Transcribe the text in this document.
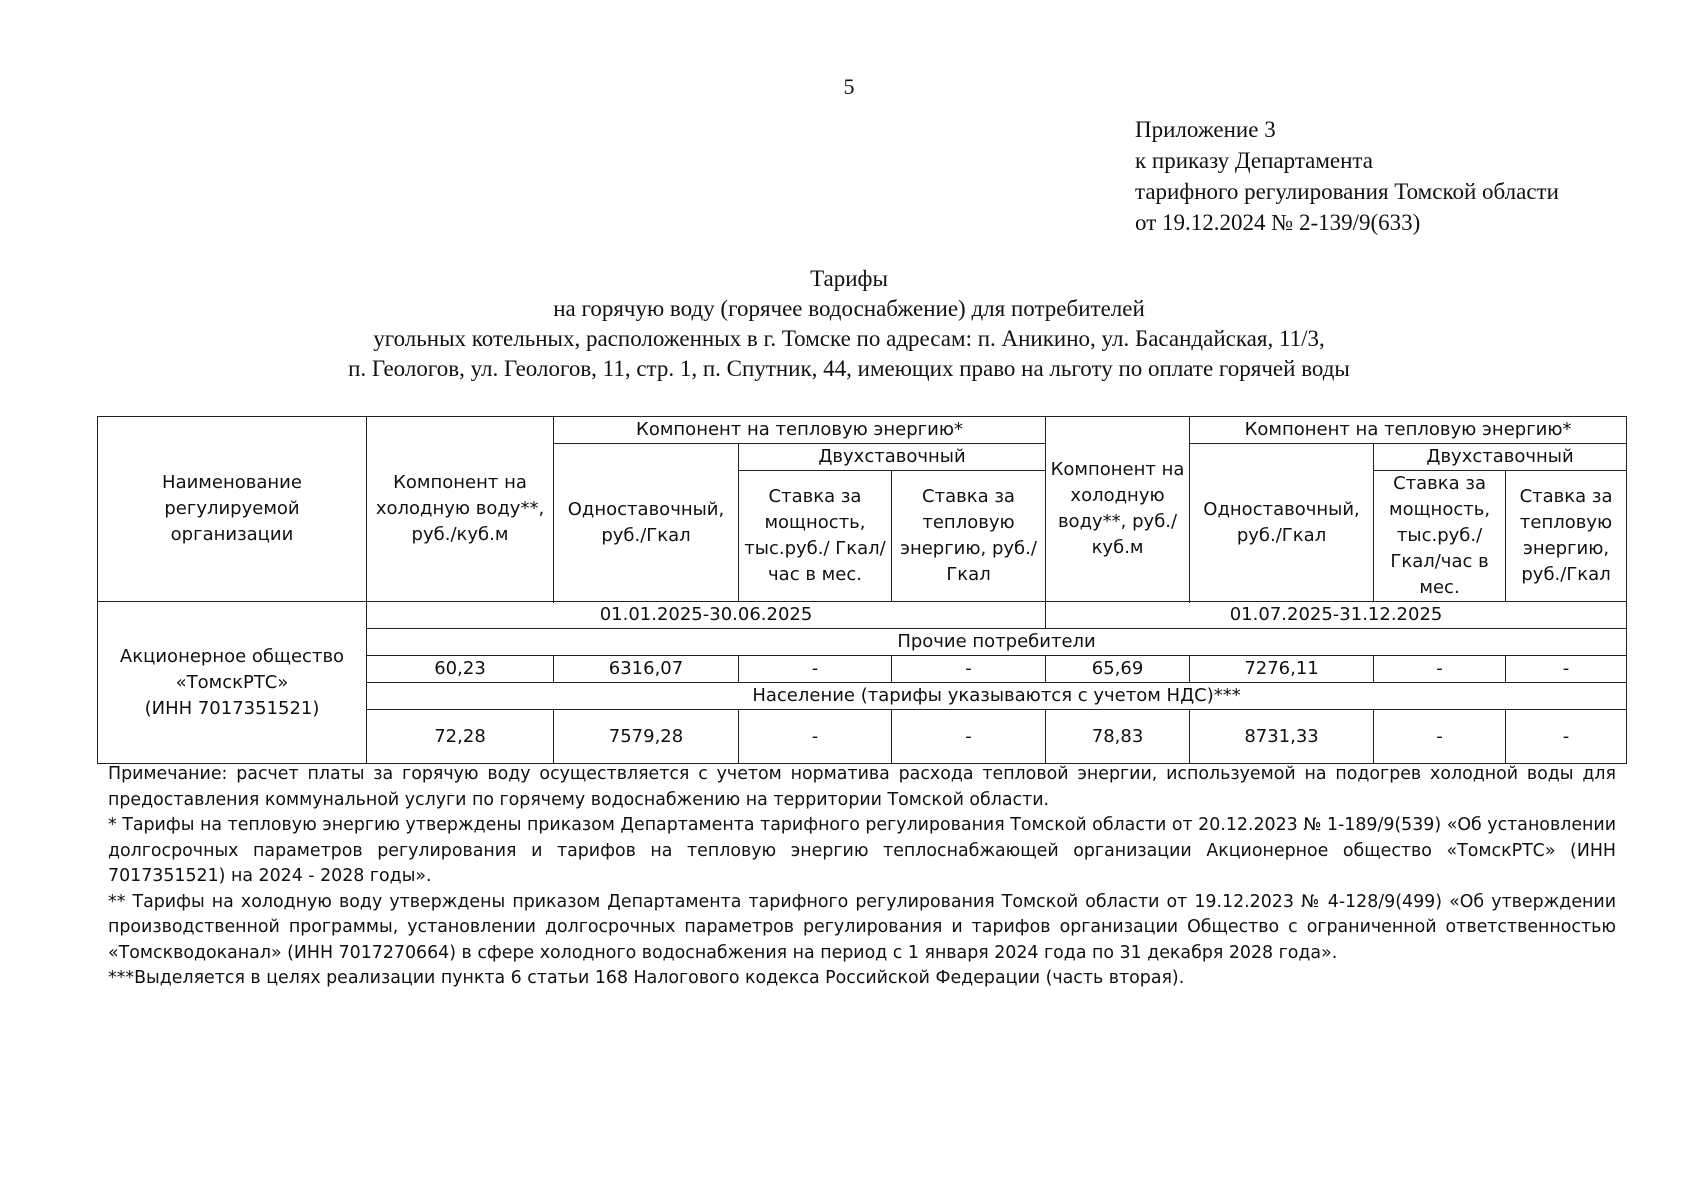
5
Приложение 3
к приказу Департамента
тарифного регулирования Томской области
от 19.12.2024 № 2-139/9(633)
Тарифы
на горячую воду (горячее водоснабжение) для потребителей
угольных котельных, расположенных в г. Томске по адресам: п. Аникино, ул. Басандайская, 11/3,
п. Геологов, ул. Геологов, 11, стр. 1, п. Спутник, 44, имеющих право на льготу по оплате горячей воды
Наименование регулируемой организации	Компонент на холодную воду**, руб./куб.м	Компонент на тепловую энергию*			Компонент на холодную воду**, руб./куб.м	Компонент на тепловую энергию*		
		Одноставочный, руб./Гкал	Двухставочный			Одноставочный, руб./Гкал	Двухставочный	
			Ставка за мощность, тыс.руб./ Гкал/час в мес.	Ставка за тепловую энергию, руб./Гкал			Ставка за мощность, тыс.руб./ Гкал/час в мес.	Ставка за тепловую энергию, руб./Гкал

Акционерное общество
«ТомскРТС»
(ИНН 7017351521)	01.01.2025-30.06.2025				01.07.2025-31.12.2025			
	Прочие потребители							
	60,23	6316,07	-	-	65,69	7276,11	-	-
	Население (тарифы указываются с учетом НДС)***							
	72,28	7579,28	-	-	78,83	8731,33	-	-

Примечание: расчет платы за горячую воду осуществляется с учетом норматива расхода тепловой энергии, используемой на подогрев холодной воды для предоставления коммунальной услуги по горячему водоснабжению на территории Томской области.

* Тарифы на тепловую энергию утверждены приказом Департамента тарифного регулирования Томской области от 20.12.2023 № 1-189/9(539) «Об установлении долгосрочных параметров регулирования и тарифов на тепловую энергию теплоснабжающей организации Акционерное общество «ТомскРТС» (ИНН 7017351521) на 2024 - 2028 годы».

** Тарифы на холодную воду утверждены приказом Департамента тарифного регулирования Томской области от 19.12.2023 № 4-128/9(499) «Об утверждении производственной программы, установлении долгосрочных параметров регулирования и тарифов организации Общество с ограниченной ответственностью «Томскводоканал» (ИНН 7017270664) в сфере холодного водоснабжения на период с 1 января 2024 года по 31 декабря 2028 года».

***Выделяется в целях реализации пункта 6 статьи 168 Налогового кодекса Российской Федерации (часть вторая).
